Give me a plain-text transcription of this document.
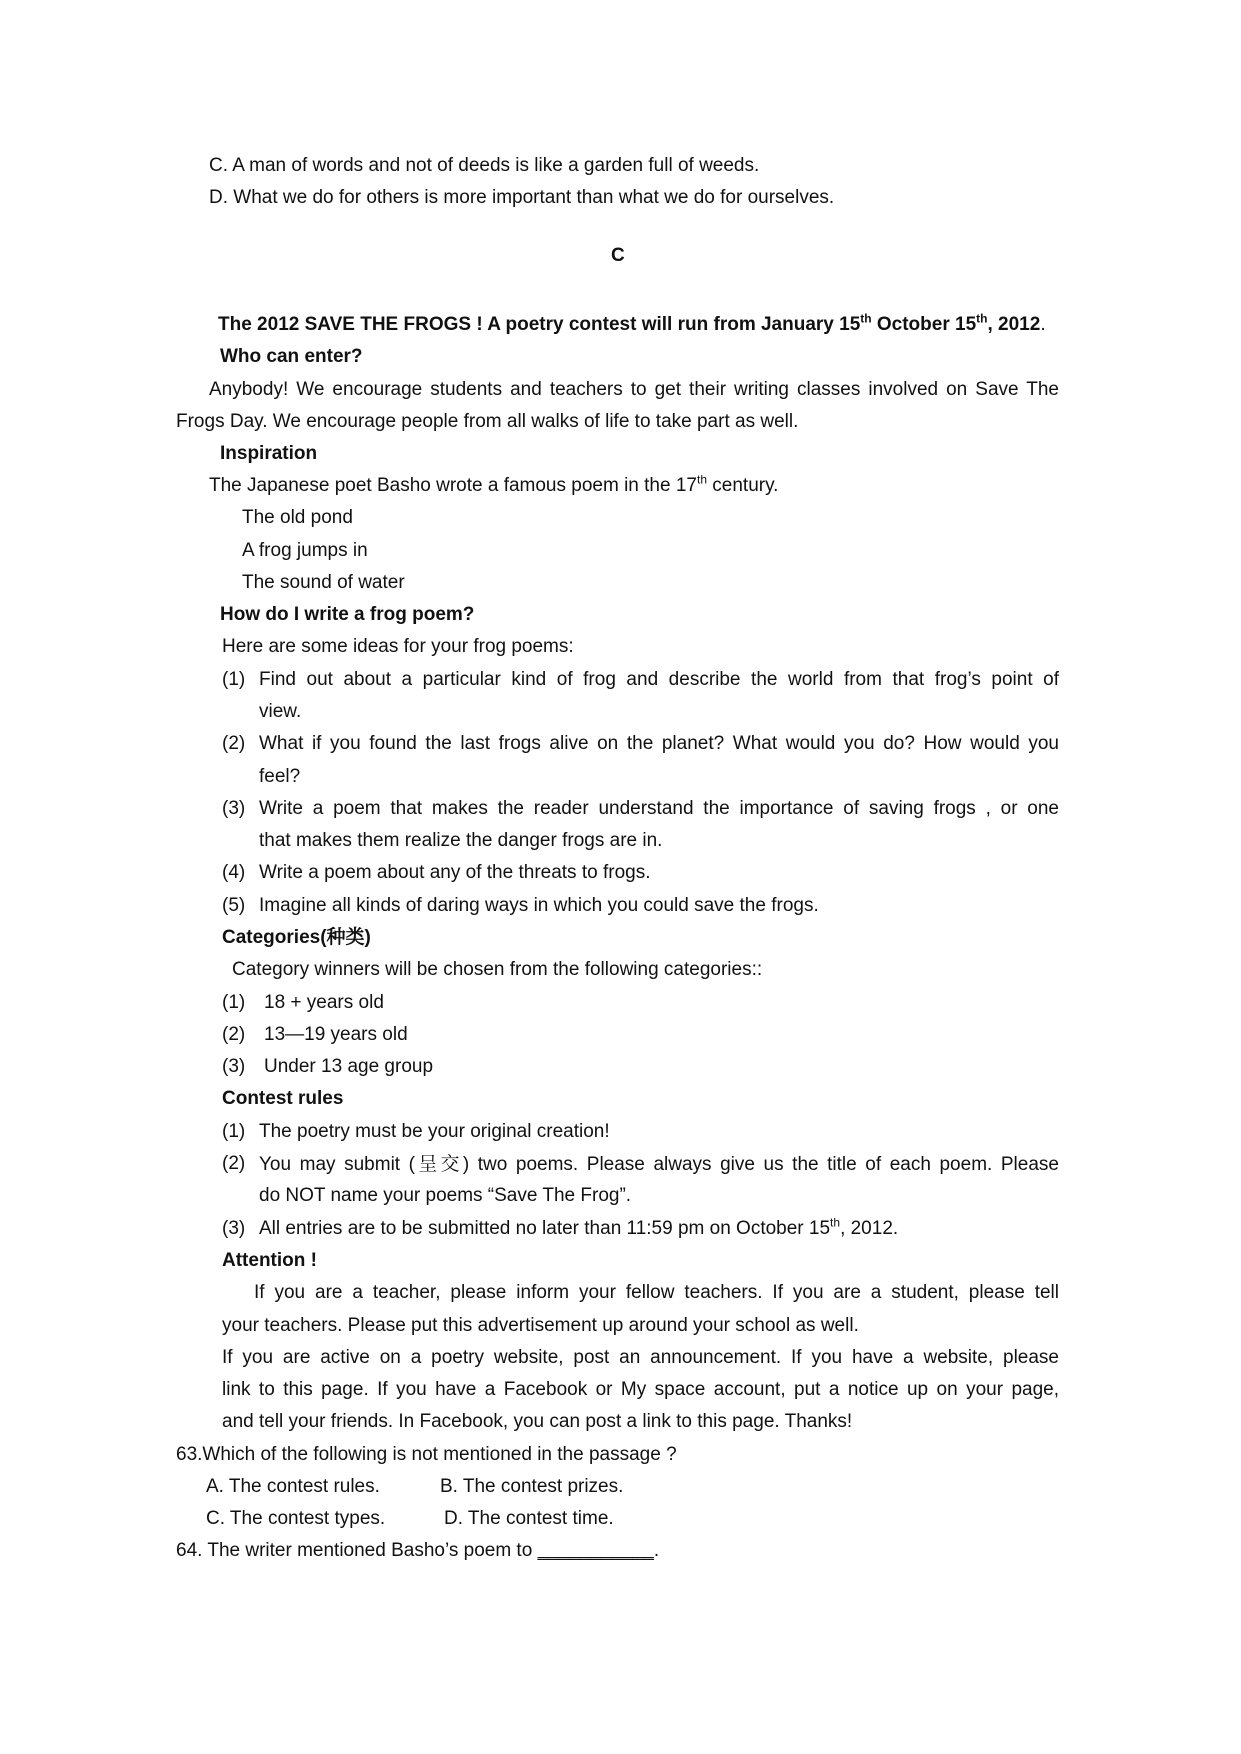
C. A man of words and not of deeds is like a garden full of weeds.
D. What we do for others is more important than what we do for ourselves.
C
The 2012 SAVE THE FROGS ! A poetry contest will run from January 15th October 15th, 2012.
Who can enter?
Anybody! We encourage students and teachers to get their writing classes involved on Save The
Frogs Day. We encourage people from all walks of life to take part as well.
Inspiration
The Japanese poet Basho wrote a famous poem in the 17th century.
The old pond
A frog jumps in
The sound of water
How do I write a frog poem?
Here are some ideas for your frog poems:
(1) Find out about a particular kind of frog and describe the world from that frog’s point of
view.
(2) What if you found the last frogs alive on the planet? What would you do? How would you
feel?
(3) Write a poem that makes the reader understand the importance of saving frogs , or one
that makes them realize the danger frogs are in.
(4) Write a poem about any of the threats to frogs.
(5) Imagine all kinds of daring ways in which you could save the frogs.
Categories(种类)
Category winners will be chosen from the following categories::
(1) 18 + years old
(2) 13—19 years old
(3) Under 13 age group
Contest rules
(1) The poetry must be your original creation!
(2) You may submit (呈交) two poems. Please always give us the title of each poem. Please
do NOT name your poems “Save The Frog”.
(3) All entries are to be submitted no later than 11:59 pm on October 15th, 2012.
Attention !
If you are a teacher, please inform your fellow teachers. If you are a student, please tell
your teachers. Please put this advertisement up around your school as well.
If you are active on a poetry website, post an announcement. If you have a website, please
link to this page. If you have a Facebook or My space account, put a notice up on your page,
and tell your friends. In Facebook, you can post a link to this page. Thanks!
63.Which of the following is not mentioned in the passage ?
A. The contest rules.	B. The contest prizes.
C. The contest types.	D. The contest time.
64. The writer mentioned Basho’s poem to ___________.
